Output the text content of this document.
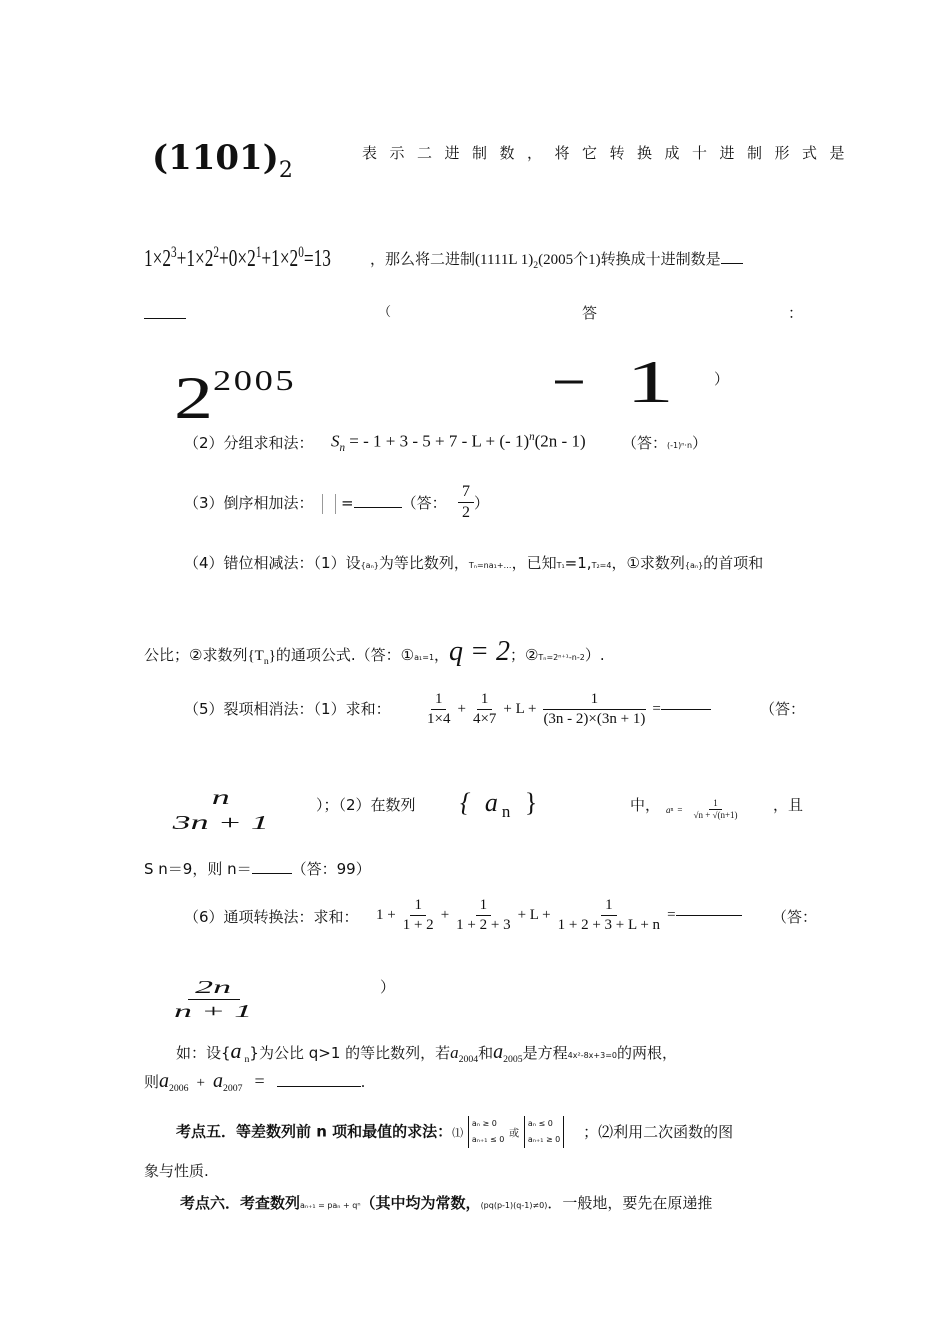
$(1101)_2$
表示二进制数，将它转换成十进制形式是
$1\times 2^3+1\times 2^2+0\times 2^1+1\times 2^0=13$	，那么将二进制(1111L $1)_2(2005$个1)转换成十进制数是
（	答	：
$2^{2005}$	− 1	）
（2）分组求和法： $S_n$ = - 1 + 3 - 5 + 7 - L + (- 1)$^n$(2n - 1) （答：(-1)ⁿ·n）
（3）倒序相加法： =	（答： $\frac{7}{2}$ ）
（4）错位相减法：（1）设{aₙ}为等比数列，Tₙ=na₁+…，已知T₁=1,T₂=4，①求数列{aₙ}的首项和
公比；②求数列$\{T_n\}$的通项公式.（答：①a₁=1，q = 2；②Tₙ=2ⁿ⁺¹-n-2）.
（5）裂项相消法：（1）求和： $\frac{1}{1\times 4} + \frac{1}{4\times 7} + L + \frac{1}{(3n - 2)\times(3n + 1)}$ =	（答：
n
3n + 1
）；（2）在数列 { $a_n$ }	中， a $n = \frac{1}{√n + √(n+1)}$ ，且
S n＝9，则 n＝	（答：99）
（6）通项转换法：求和： $1 + \frac{1}{1 + 2} + \frac{1}{1 + 2 + 3} + L + \frac{1}{1 + 2 + 3 + L + n}$ =	（答：
$\frac{2n}{n + 1}$	）
如：设$\{a_n\}$为公比 q>1 的等比数列，若$a_{2004}$和$a_{2005}$是方程4x²-8x+3=0的两根，
则$a_{2006} + a_{2007}$ =	.
考点五．等差数列前 n 项和最值的求法：⑴
aₙ ≥ 0
aₙ₊₁ ≤ 0 或
aₙ ≤ 0
aₙ₊₁ ≥ 0 ；⑵利用二次函数的图
象与性质.
考点六．考查数列aₙ₊₁ = paₙ + qⁿ（其中均为常数，(pq(p-1)(q-1)≠0)．一般地，要先在原递推
